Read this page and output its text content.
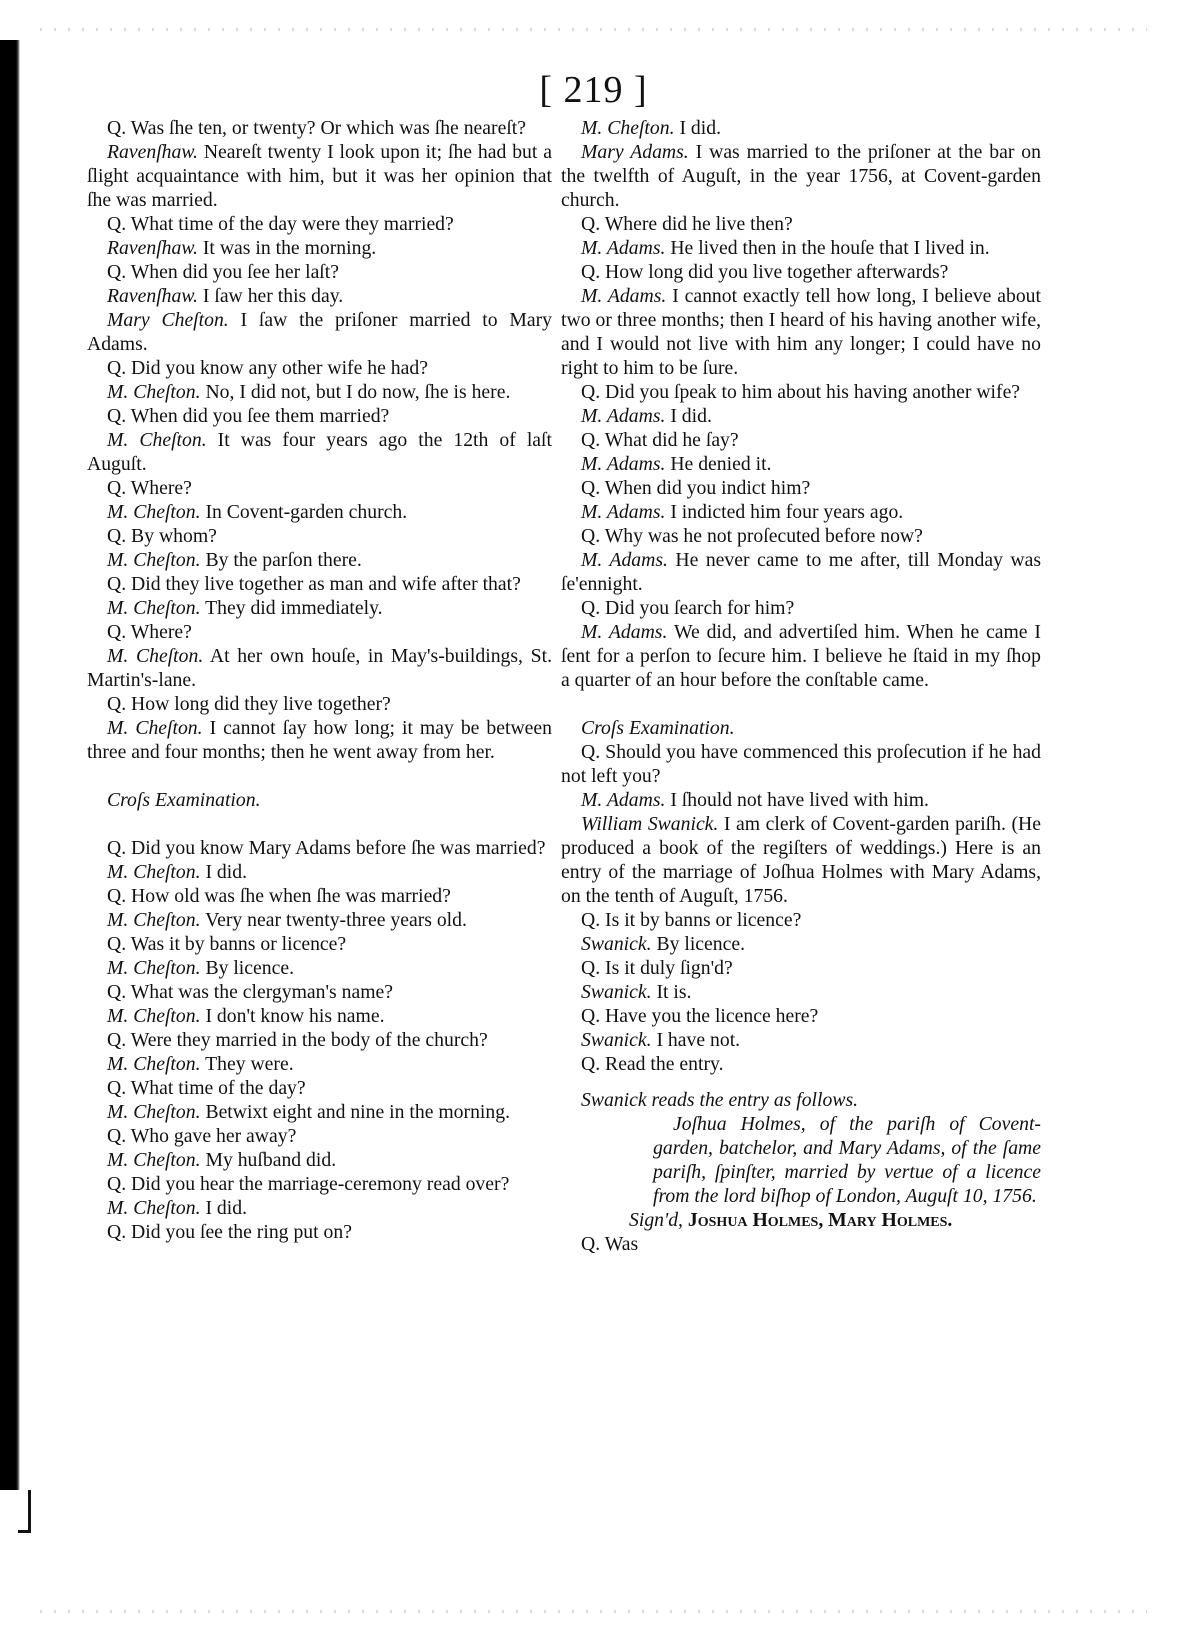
[ 219 ]

Q. Was ſhe ten, or twenty? Or which was ſhe neareſt?

Ravenſhaw. Neareſt twenty I look upon it; ſhe had but a ſlight acquaintance with him, but it was her opinion that ſhe was married.

Q. What time of the day were they married?

Ravenſhaw. It was in the morning.

Q. When did you ſee her laſt?

Ravenſhaw. I ſaw her this day.

Mary Cheſton. I ſaw the priſoner married to Mary Adams.

Q. Did you know any other wife he had?

M. Cheſton. No, I did not, but I do now, ſhe is here.

Q. When did you ſee them married?

M. Cheſton. It was four years ago the 12th of laſt Auguſt.

Q. Where?

M. Cheſton. In Covent-garden church.

Q. By whom?

M. Cheſton. By the parſon there.

Q. Did they live together as man and wife after that?

M. Cheſton. They did immediately.

Q. Where?

M. Cheſton. At her own houſe, in May's-buildings, St. Martin's-lane.

Q. How long did they live together?

M. Cheſton. I cannot ſay how long; it may be between three and four months; then he went away from her.

Croſs Examination.

Q. Did you know Mary Adams before ſhe was married?

M. Cheſton. I did.

Q. How old was ſhe when ſhe was married?

M. Cheſton. Very near twenty-three years old.

Q. Was it by banns or licence?

M. Cheſton. By licence.

Q. What was the clergyman's name?

M. Cheſton. I don't know his name.

Q. Were they married in the body of the church?

M. Cheſton. They were.

Q. What time of the day?

M. Cheſton. Betwixt eight and nine in the morning.

Q. Who gave her away?

M. Cheſton. My huſband did.

Q. Did you hear the marriage-ceremony read over?

M. Cheſton. I did.

Q. Did you ſee the ring put on?

M. Cheſton. I did.

Mary Adams. I was married to the priſoner at the bar on the twelfth of Auguſt, in the year 1756, at Covent-garden church.

Q. Where did he live then?

M. Adams. He lived then in the houſe that I lived in.

Q. How long did you live together afterwards?

M. Adams. I cannot exactly tell how long, I believe about two or three months; then I heard of his having another wife, and I would not live with him any longer; I could have no right to him to be ſure.

Q. Did you ſpeak to him about his having another wife?

M. Adams. I did.

Q. What did he ſay?

M. Adams. He denied it.

Q. When did you indict him?

M. Adams. I indicted him four years ago.

Q. Why was he not proſecuted before now?

M. Adams. He never came to me after, till Monday was ſe'ennight.

Q. Did you ſearch for him?

M. Adams. We did, and advertiſed him. When he came I ſent for a perſon to ſecure him. I believe he ſtaid in my ſhop a quarter of an hour before the conſtable came.

Croſs Examination.

Q. Should you have commenced this proſecution if he had not left you?

M. Adams. I ſhould not have lived with him.

William Swanick. I am clerk of Covent-garden pariſh. (He produced a book of the regiſters of weddings.) Here is an entry of the marriage of Joſhua Holmes with Mary Adams, on the tenth of Auguſt, 1756.

Q. Is it by banns or licence?

Swanick. By licence.

Q. Is it duly ſign'd?

Swanick. It is.

Q. Have you the licence here?

Swanick. I have not.

Q. Read the entry.

Swanick reads the entry as follows.

Joſhua Holmes, of the pariſh of Covent-garden, batchelor, and Mary Adams, of the ſame pariſh, ſpinſter, married by vertue of a licence from the lord biſhop of London, Auguſt 10, 1756.

Sign'd, Joshua Holmes, Mary Holmes.

Q. Was
